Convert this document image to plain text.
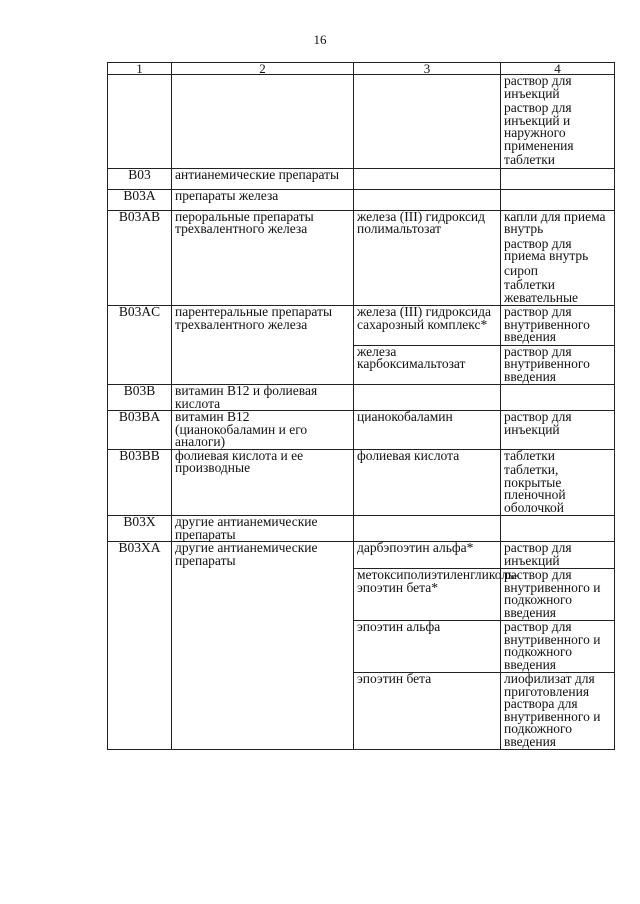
16
1	2	3	4

			раствор для инъекций
раствор для инъекций и наружного применения
таблетки

B03	антианемические препараты		
B03A	препараты железа		
B03AB	пероральные препараты трехвалентного железа	железа (III) гидроксид полимальтозат	капли для приема внутрь
раствор для приема внутрь
сироп
таблетки жевательные

B03AC	парентеральные препараты трехвалентного железа	железа (III) гидроксида сахарозный комплекс*	раствор для внутривенного введения

		железа карбоксимальтозат	раствор для внутривенного введения

B03B	витамин B12 и фолиевая кислота		
B03BA	витамин B12 (цианокобаламин и его аналоги)	цианокобаламин	раствор для инъекций

B03BB	фолиевая кислота и ее производные	фолиевая кислота	таблетки
таблетки, покрытые пленочной оболочкой

B03X	другие антианемические препараты		
B03XA	другие антианемические препараты	дарбэпоэтин альфа*	раствор для инъекций

		метоксиполиэтиленгликоль-эпоэтин бета*	раствор для внутривенного и подкожного введения

		эпоэтин альфа	раствор для внутривенного и подкожного введения

		эпоэтин бета	лиофилизат для приготовления раствора для внутривенного и подкожного введения
